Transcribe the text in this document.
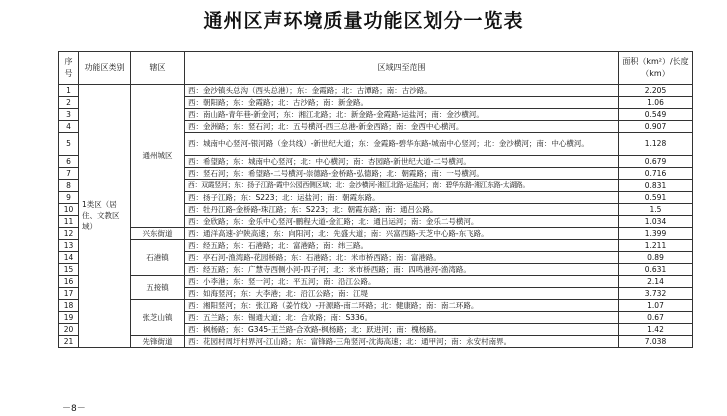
通州区声环境质量功能区划分一览表
序号	功能区类别	辖区	区域四至范围	面积（km²）/长度（km）
1	1类区（居住、文教区域）	通州城区	西：金沙镇头总沟（西头总港）；东：金霞路；北：古潭路；南：古沙路。	2.205
2			西：朝阳路；东：金霞路；北：古沙路；南：新金路。	1.06
3			西：南山路-青年巷-新金河；东：湘江北路；北：新金路-金霞路-运盐河；南：金沙横河。	0.549
4			西：金洲路；东：竖石河；北：五号横河-西三总港-新金西路；南：金西中心横河。	0.907
5			西：城南中心竖河-银河路（金共线）-新世纪大道；东：金霞路-碧华东路-城南中心竖河；北：金沙横河；南：中心横河。	1.128
6			西：希望路；东：城南中心竖河；北：中心横河；南：杏园路-新世纪大道-二号横河。	0.679
7			西：竖石河；东：希望路-二号横河-崇德路-金桥路-弘德路；北：朝霞路；南：一号横河。	0.716
8			西：双霞竖河；东：扬子江路-霞中公园西侧区域；北：金沙横河-湘江北路-运盐河；南：碧华东路-湘江东路-太湖路。	0.831
9			西：扬子江路；东：S223；北：运盐河；南：朝霞东路。	0.591
10			西：牡丹江路-金桥路-珠江路；东：S223；北：朝霞东路；南：通吕公路。	1.5
11			西：金欣路；东：金乐中心竖河-鹏程大道-金汇路；北：通吕运河；南：金乐二号横河。	1.034
12		兴东街道	西：通洋高速-沪陕高速；东：向阳河；北：先盛大道；南：兴富西路-天芝中心路-东飞路。	1.399
13		石港镇	西：经五路；东：石港路；北：富港路；南：纬三路。	1.211
14			西：亭石河-渔湾路-花园桥路；东：石港路；北：米市桥西路；南：富港路。	0.89
15			西：经五路；东：广慧寺西侧小河-四子河；北：米市桥西路；南：四鸣港河-渔湾路。	0.631
16		五接镇	西：小李港；东：竖一河；北：平五河；南：沿江公路。	2.14
17			西：如海竖河；东：大李港；北：沿江公路；南：江堤	3.732
18		张芝山镇	西：湘阳竖河；东：张江路（姜竹线）-开源路-南二环路；北：健康路；南：南二环路。	1.07
19			西：五兰路；东：锡通大道；北：合欢路；南：S336。	0.67
20			西：枫杨路；东：G345-王兰路-合欢路-枫杨路；北：跃进河；南：槐杨路。	1.42
21		先锋街道	西：花园村周圩村界河-江山路；东：富锋路-三角竖河-沈海高速；北：通甲河；南：永安村南界。	7.038
－8－
